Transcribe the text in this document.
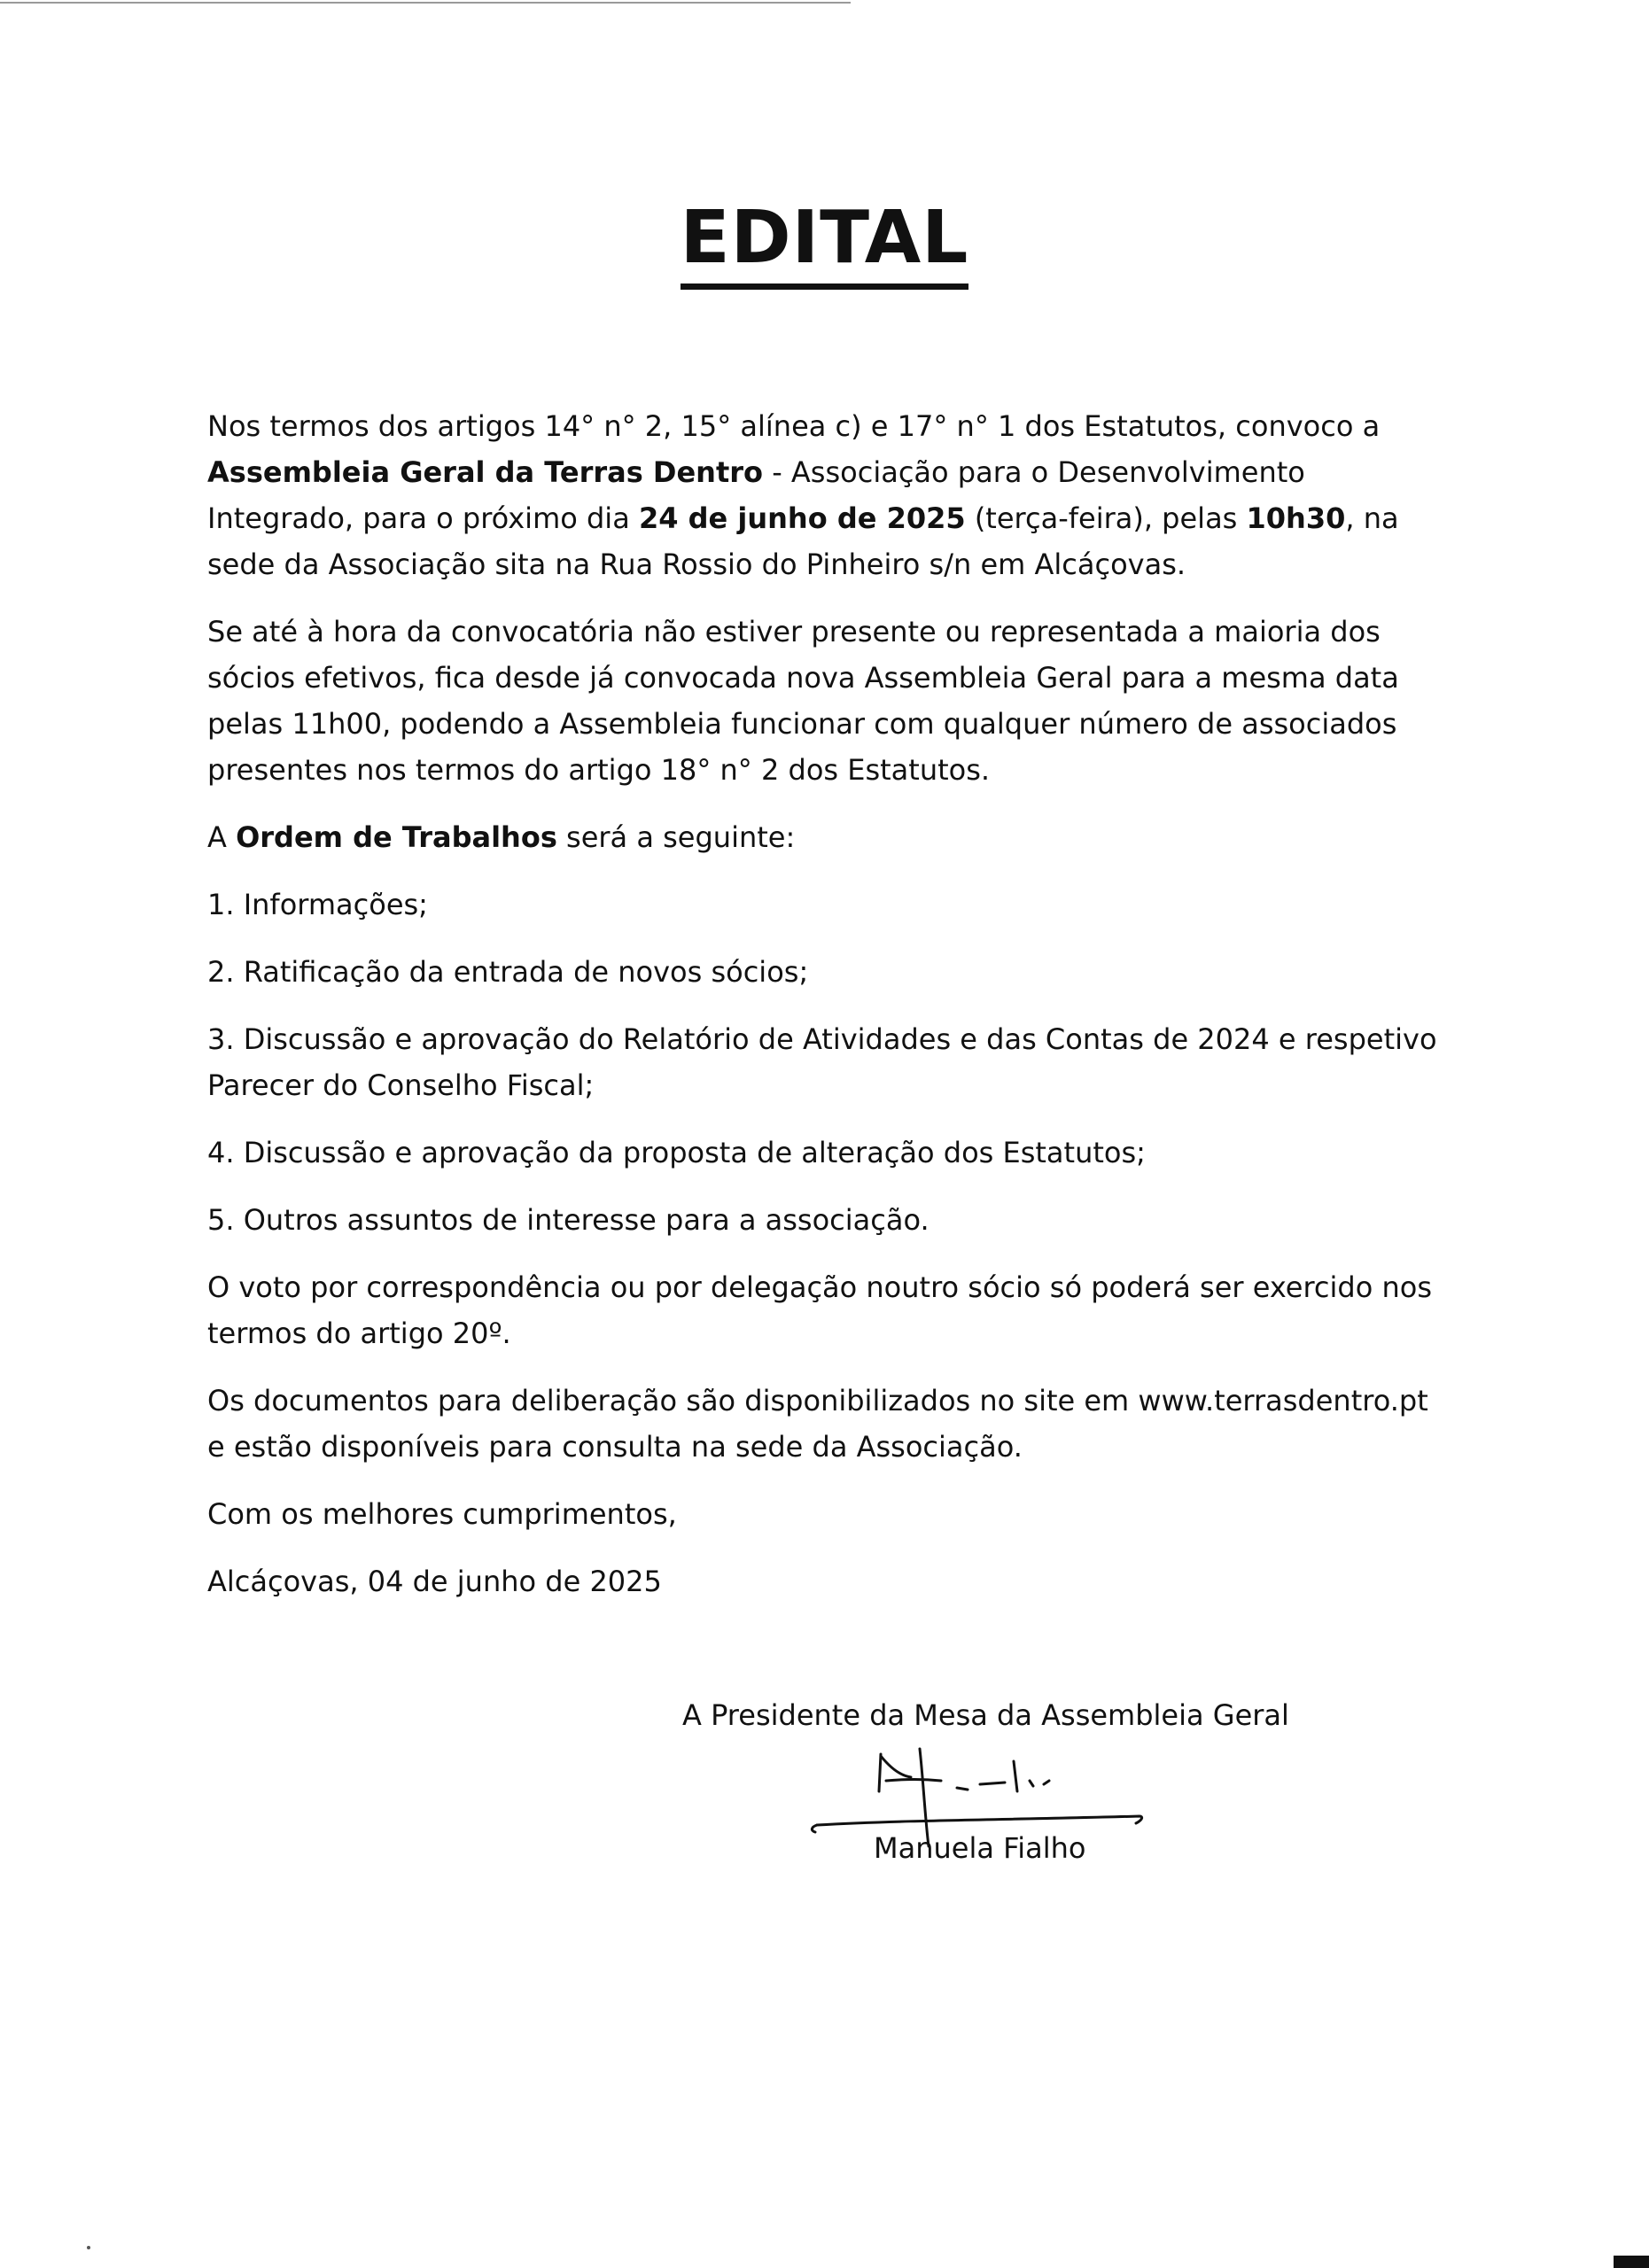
EDITAL

Nos termos dos artigos 14° n° 2, 15° alínea c) e 17° n° 1 dos Estatutos, convoco a Assembleia Geral da Terras Dentro - Associação para o Desenvolvimento Integrado, para o próximo dia 24 de junho de 2025 (terça-feira), pelas 10h30, na sede da Associação sita na Rua Rossio do Pinheiro s/n em Alcáçovas.

Se até à hora da convocatória não estiver presente ou representada a maioria dos sócios efetivos, fica desde já convocada nova Assembleia Geral para a mesma data pelas 11h00, podendo a Assembleia funcionar com qualquer número de associados presentes nos termos do artigo 18° n° 2 dos Estatutos.

A Ordem de Trabalhos será a seguinte:

1. Informações;

2. Ratificação da entrada de novos sócios;

3. Discussão e aprovação do Relatório de Atividades e das Contas de 2024 e respetivo Parecer do Conselho Fiscal;

4. Discussão e aprovação da proposta de alteração dos Estatutos;

5. Outros assuntos de interesse para a associação.

O voto por correspondência ou por delegação noutro sócio só poderá ser exercido nos termos do artigo 20º.

Os documentos para deliberação são disponibilizados no site em www.terrasdentro.pt e estão disponíveis para consulta na sede da Associação.

Com os melhores cumprimentos,

Alcáçovas, 04 de junho de 2025

A Presidente da Mesa da Assembleia Geral
Manuela Fialho
